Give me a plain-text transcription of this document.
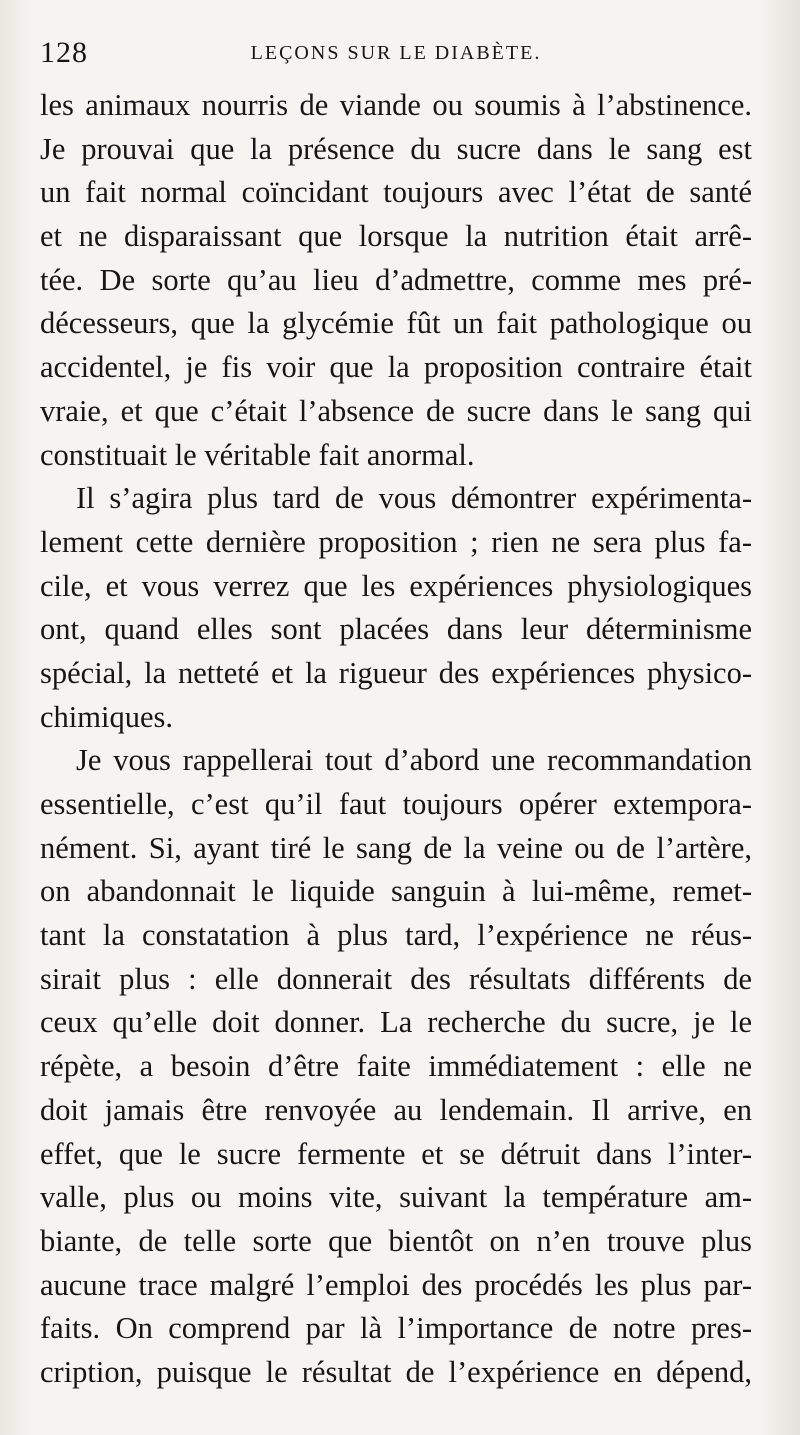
128	LEÇONS SUR LE DIABÈTE.
les animaux nourris de viande ou soumis à l’abstinence.
Je prouvai que la présence du sucre dans le sang est
un fait normal coïncidant toujours avec l’état de santé
et ne disparaissant que lorsque la nutrition était arrê-
tée. De sorte qu’au lieu d’admettre, comme mes pré-
décesseurs, que la glycémie fût un fait pathologique ou
accidentel, je fis voir que la proposition contraire était
vraie, et que c’était l’absence de sucre dans le sang qui
constituait le véritable fait anormal.
Il s’agira plus tard de vous démontrer expérimenta-
lement cette dernière proposition ; rien ne sera plus fa-
cile, et vous verrez que les expériences physiologiques
ont, quand elles sont placées dans leur déterminisme
spécial, la netteté et la rigueur des expériences physico-
chimiques.
Je vous rappellerai tout d’abord une recommandation
essentielle, c’est qu’il faut toujours opérer extempora-
nément. Si, ayant tiré le sang de la veine ou de l’artère,
on abandonnait le liquide sanguin à lui-même, remet-
tant la constatation à plus tard, l’expérience ne réus-
sirait plus : elle donnerait des résultats différents de
ceux qu’elle doit donner. La recherche du sucre, je le
répète, a besoin d’être faite immédiatement : elle ne
doit jamais être renvoyée au lendemain. Il arrive, en
effet, que le sucre fermente et se détruit dans l’inter-
valle, plus ou moins vite, suivant la température am-
biante, de telle sorte que bientôt on n’en trouve plus
aucune trace malgré l’emploi des procédés les plus par-
faits. On comprend par là l’importance de notre pres-
cription, puisque le résultat de l’expérience en dépend,
